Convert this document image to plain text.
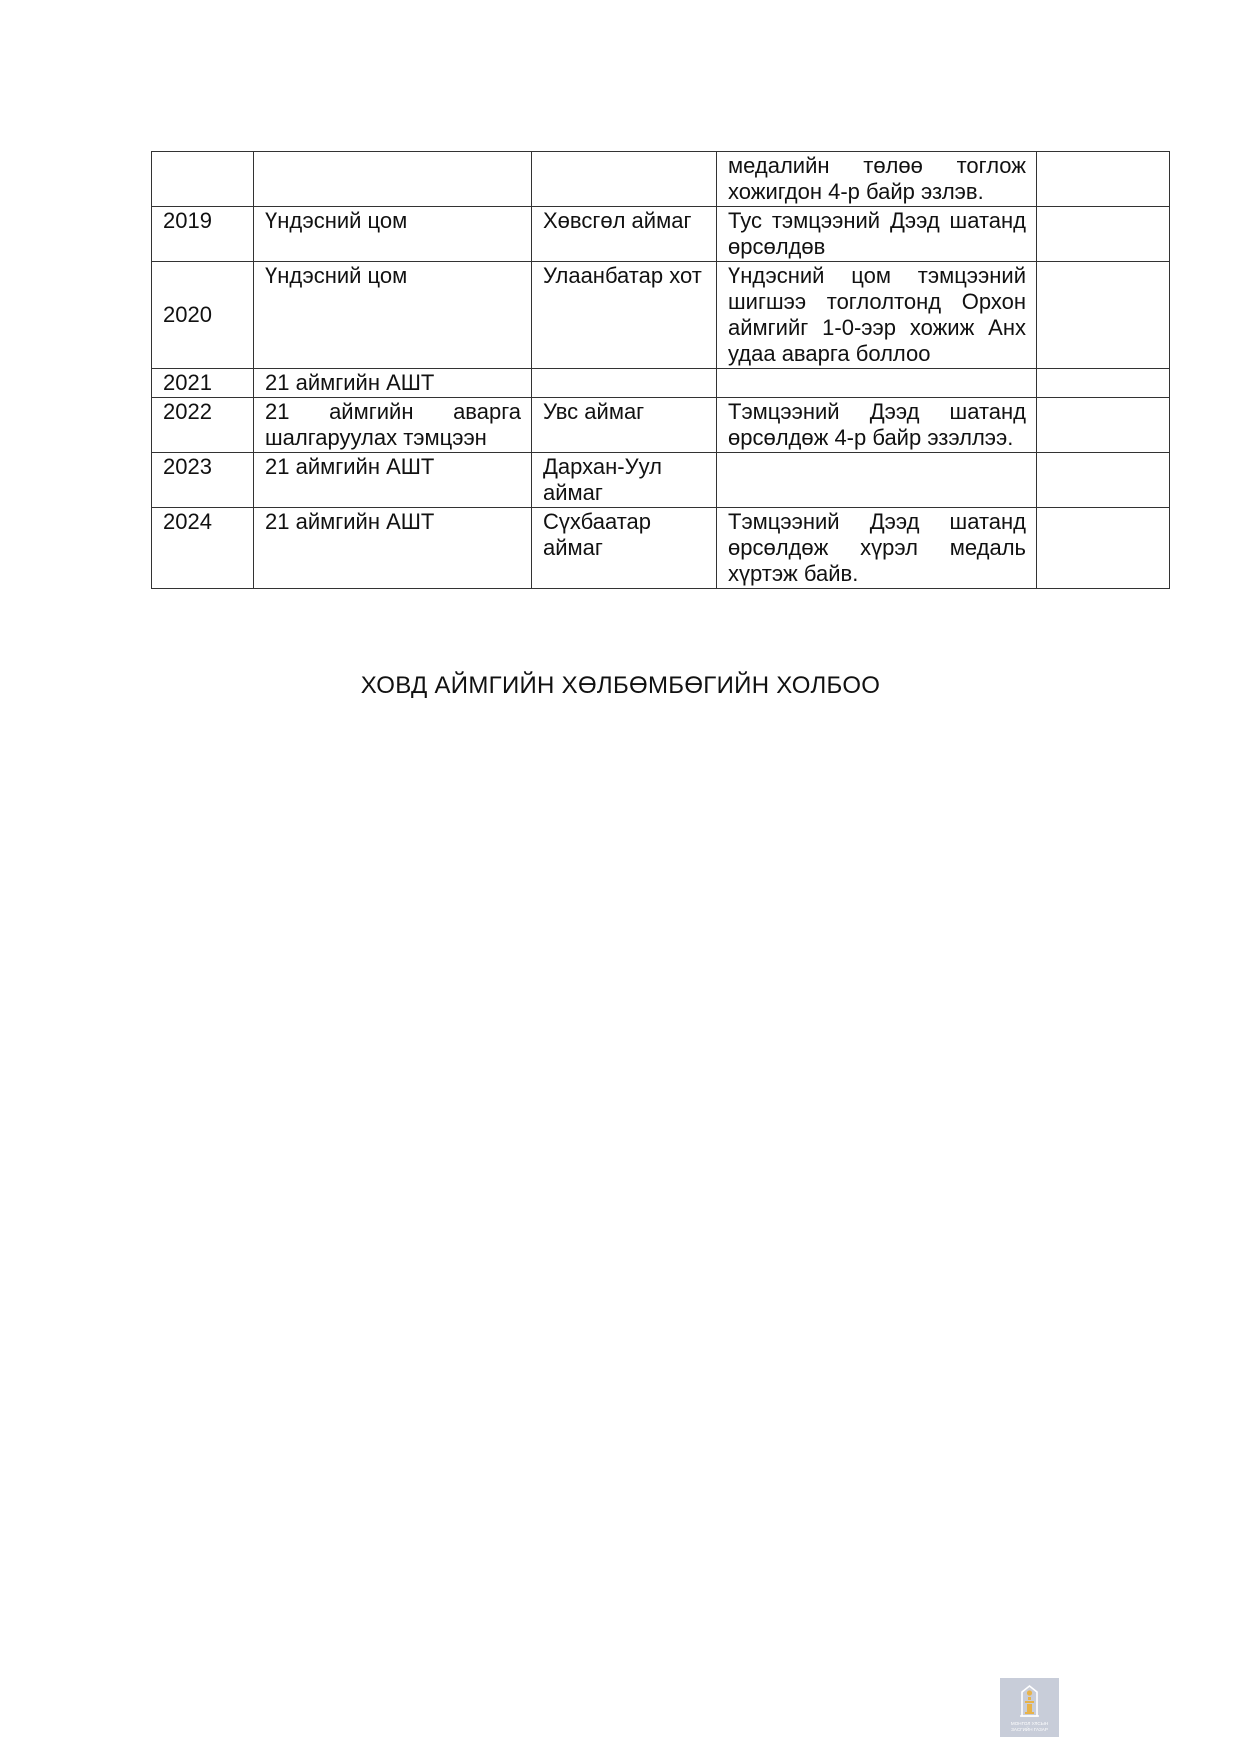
			медалийн төлөө тоглож хожигдон 4-р байр эзлэв.	
2019	Үндэсний цом	Хөвсгөл аймаг	Тус тэмцээний Дээд шатанд өрсөлдөв	
2020	Үндэсний цом	Улаанбатар хот	Үндэсний цом тэмцээний шигшээ тоглолтонд Орхон аймгийг 1-0-ээр хожиж Анх удаа аварга боллоо	
2021	21 аймгийн АШТ			
2022	21 аймгийн аварга шалгаруулах тэмцээн	Увс аймаг	Тэмцээний Дээд шатанд өрсөлдөж 4-р байр эзэллээ.	
2023	21 аймгийн АШТ	Дархан-Уул аймаг		
2024	21 аймгийн АШТ	Сүхбаатар аймаг	Тэмцээний Дээд шатанд өрсөлдөж хүрэл медаль хүртэж байв.	
ХОВД АЙМГИЙН ХӨЛБӨМБӨГИЙН ХОЛБОО
МОНГОЛ УЛСЫН
ЗАСГИЙН ГАЗАР
